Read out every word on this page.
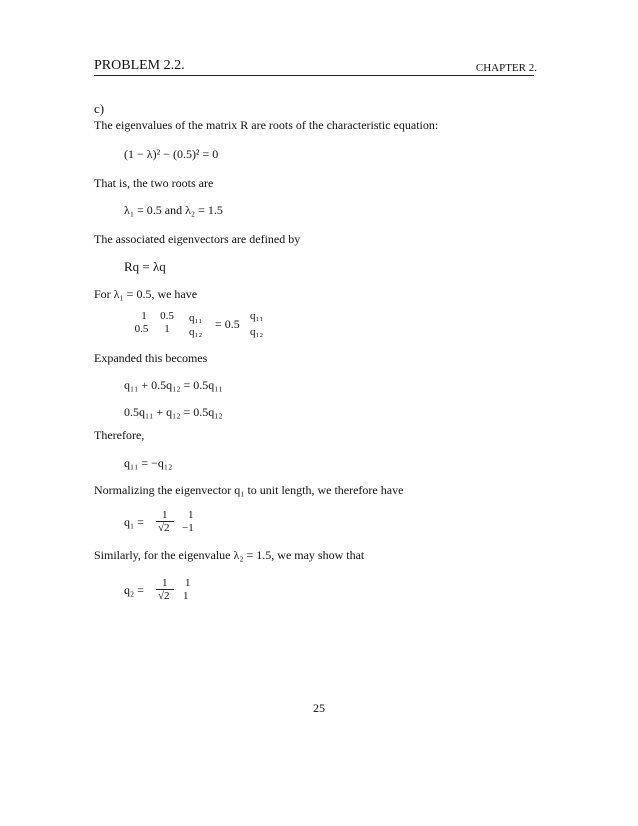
PROBLEM 2.2.	CHAPTER 2.
c)
The eigenvalues of the matrix R are roots of the characteristic equation:
(1 − λ)² − (0.5)² = 0
That is, the two roots are
λ₁ = 0.5 and λ₂ = 1.5
The associated eigenvectors are defined by
Rq = λq
For λ₁ = 0.5, we have
1	0.5
0.5	1
q₁₁
q₁₂
= 0.5
q₁₁
q₁₂
Expanded this becomes
q₁₁ + 0.5q₁₂ = 0.5q₁₁
0.5q₁₁ + q₁₂ = 0.5q₁₂
Therefore,
q₁₁ = −q₁₂
Normalizing the eigenvector q₁ to unit length, we therefore have
q₁ = 1
√2
1
−1
Similarly, for the eigenvalue λ₂ = 1.5, we may show that
q₂ = 1
√2
1
1
25
